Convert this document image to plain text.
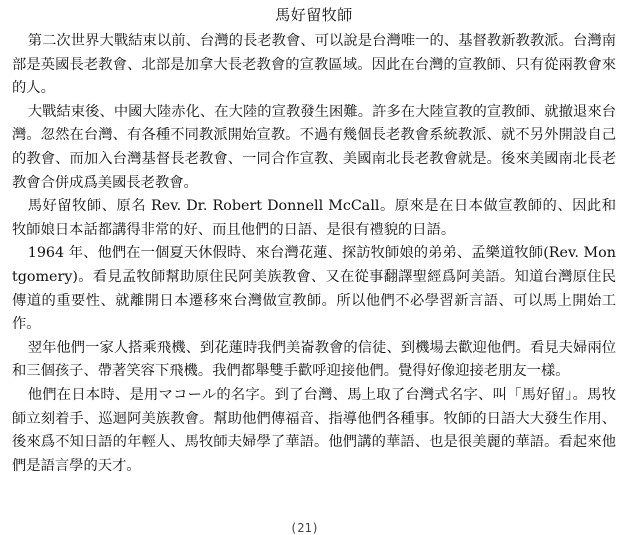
馬好留牧師

第二次世界大戰結束以前、台灣的長老教會、可以說是台灣唯一的、基督教新教教派。台灣南部是英國長老教會、北部是加拿大長老教會的宣教區域。因此在台灣的宣教師、只有從兩教會來的人。

大戰結束後、中國大陸赤化、在大陸的宣教發生困難。許多在大陸宣教的宣教師、就撤退來台灣。忽然在台灣、有各種不同教派開始宣教。不過有幾個長老教會系統教派、就不另外開設自己的教會、而加入台灣基督長老教會、一同合作宣教、美國南北長老教會就是。後來美國南北長老教會合併成爲美國長老教會。

馬好留牧師、原名 Rev. Dr. Robert Donnell McCall。原來是在日本做宣教師的、因此和牧師娘日本話都講得非常的好、而且他們的日語、是很有禮貌的日語。

1964 年、他們在一個夏天休假時、來台灣花蓮、探訪牧師娘的弟弟、孟樂道牧師(Rev. Montgomery)。看見孟牧師幫助原住民阿美族教會、又在從事翻譯聖經爲阿美語。知道台灣原住民傳道的重要性、就離開日本遷移來台灣做宣教師。所以他們不必學習新言語、可以馬上開始工作。

翌年他們一家人搭乘飛機、到花蓮時我們美崙教會的信徒、到機場去歡迎他們。看見夫婦兩位和三個孩子、帶著笑容下飛機。我們都舉雙手歡呼迎接他們。覺得好像迎接老朋友一樣。

他們在日本時、是用マコール的名字。到了台灣、馬上取了台灣式名字、叫「馬好留」。馬牧師立刻着手、巡迴阿美族教會。幫助他們傳福音、指導他們各種事。牧師的日語大大發生作用、後來爲不知日語的年輕人、馬牧師夫婦學了華語。他們講的華語、也是很美麗的華語。看起來他們是語言學的天才。

(21)
